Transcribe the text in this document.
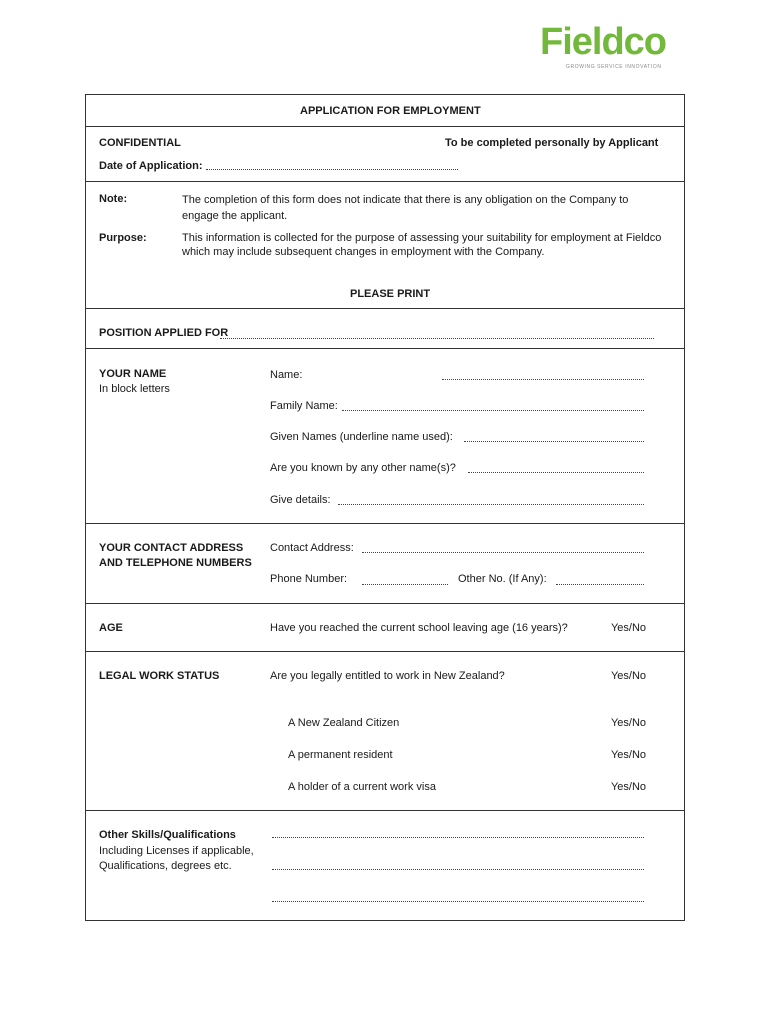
Fieldco
GROWING SERVICE INNOVATION
APPLICATION FOR EMPLOYMENT
CONFIDENTIAL	To be completed personally by Applicant
Date of Application:
Note:	The completion of this form does not indicate that there is any obligation on the Company to engage the applicant.
Purpose:	This information is collected for the purpose of assessing your suitability for employment at Fieldco which may include subsequent changes in employment with the Company.
PLEASE PRINT
POSITION APPLIED FOR
YOUR NAME
In block letters
Name:
Family Name:
Given Names (underline name used):
Are you known by any other name(s)?
Give details:
YOUR CONTACT ADDRESS
AND TELEPHONE NUMBERS
Contact Address:
Phone Number:	Other No. (If Any):
AGE	Have you reached the current school leaving age (16 years)?	Yes/No
LEGAL WORK STATUS	Are you legally entitled to work in New Zealand?	Yes/No
A New Zealand Citizen	Yes/No
A permanent resident	Yes/No
A holder of a current work visa	Yes/No
Other Skills/Qualifications
Including Licenses if applicable,
Qualifications, degrees etc.
